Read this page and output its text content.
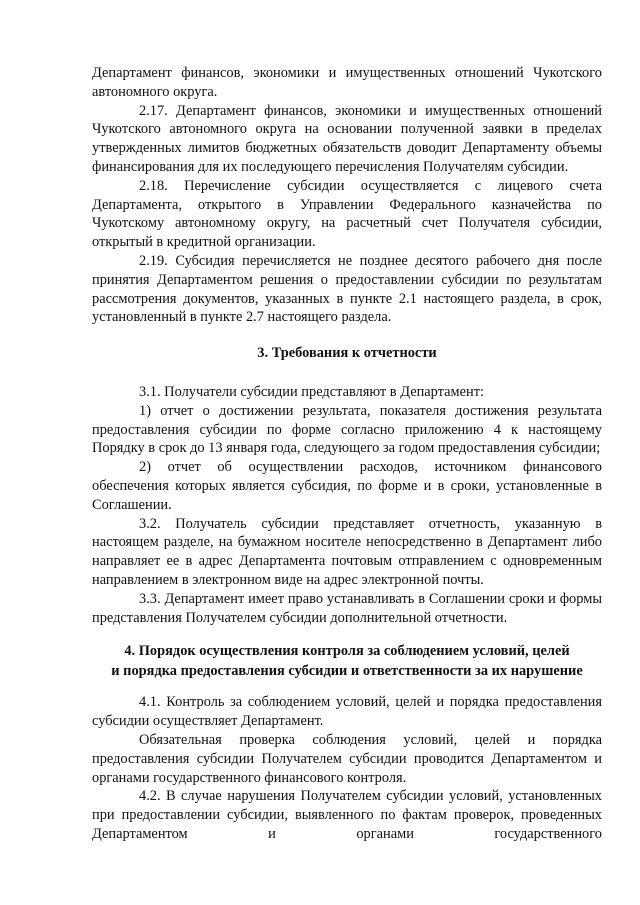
Департамент финансов, экономики и имущественных отношений Чукотского автономного округа.

2.17. Департамент финансов, экономики и имущественных отношений Чукотского автономного округа на основании полученной заявки в пределах утвержденных лимитов бюджетных обязательств доводит Департаменту объемы финансирования для их последующего перечисления Получателям субсидии.

2.18. Перечисление субсидии осуществляется с лицевого счета Департамента, открытого в Управлении Федерального казначейства по Чукотскому автономному округу, на расчетный счет Получателя субсидии, открытый в кредитной организации.

2.19. Субсидия перечисляется не позднее десятого рабочего дня после принятия Департаментом решения о предоставлении субсидии по результатам рассмотрения документов, указанных в пункте 2.1 настоящего раздела, в срок, установленный в пункте 2.7 настоящего раздела.

3. Требования к отчетности

3.1. Получатели субсидии представляют в Департамент:

1) отчет о достижении результата, показателя достижения результата предоставления субсидии по форме согласно приложению 4 к настоящему Порядку в срок до 13 января года, следующего за годом предоставления субсидии;

2) отчет об осуществлении расходов, источником финансового обеспечения которых является субсидия, по форме и в сроки, установленные в Соглашении.

3.2. Получатель субсидии представляет отчетность, указанную в настоящем разделе, на бумажном носителе непосредственно в Департамент либо направляет ее в адрес Департамента почтовым отправлением с одновременным направлением в электронном виде на адрес электронной почты.

3.3. Департамент имеет право устанавливать в Соглашении сроки и формы представления Получателем субсидии дополнительной отчетности.

4. Порядок осуществления контроля за соблюдением условий, целей
и порядка предоставления субсидии и ответственности за их нарушение

4.1. Контроль за соблюдением условий, целей и порядка предоставления субсидии осуществляет Департамент.

Обязательная проверка соблюдения условий, целей и порядка предоставления субсидии Получателем субсидии проводится Департаментом и органами государственного финансового контроля.

4.2. В случае нарушения Получателем субсидии условий, установленных при предоставлении субсидии, выявленного по фактам проверок, проведенных Департаментом и органами государственного
